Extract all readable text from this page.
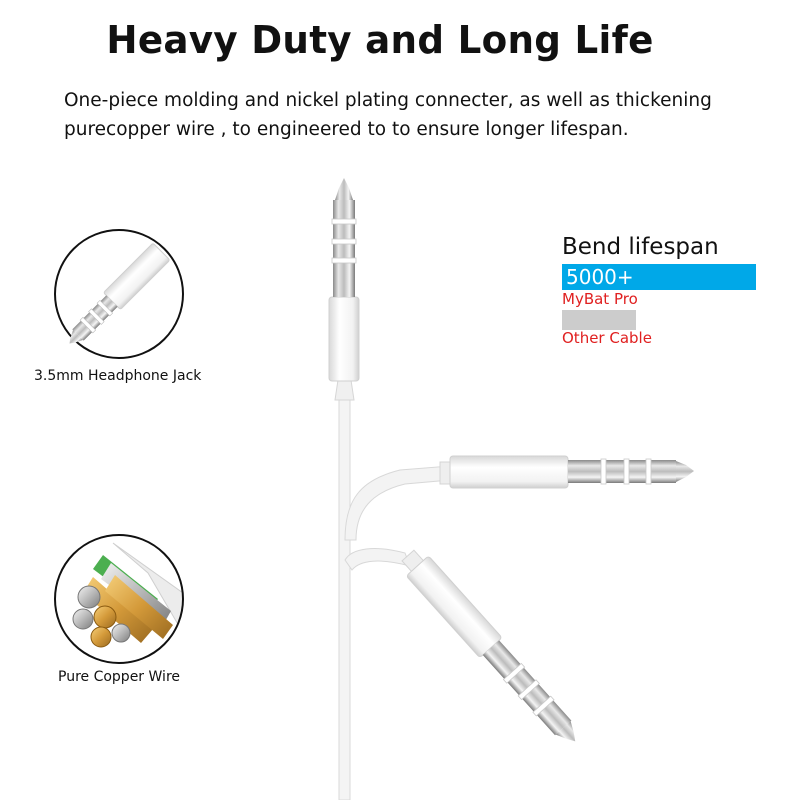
Heavy Duty and Long Life
One-piece molding and nickel plating connecter, as well as thickening purecopper wire , to engineered to to ensure longer lifespan.
3.5mm Headphone Jack
Pure Copper Wire
Bend lifespan
5000+
MyBat Pro
Other Cable
